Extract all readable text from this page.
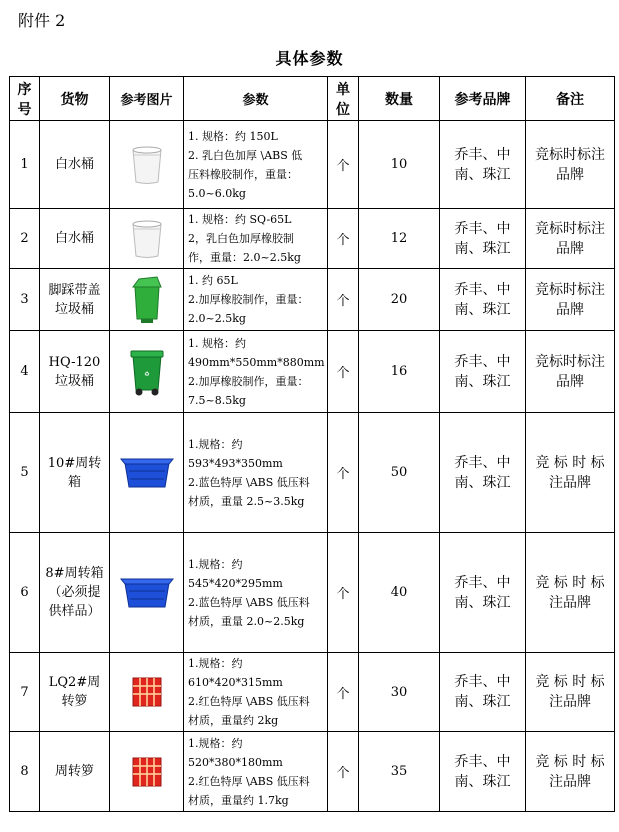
附件 2
具体参数
序号	货物	参考图片	参数	单位	数量	参考品牌	备注
1	白水桶		1. 规格：约 150L
2. 乳白色加厚 \ABS 低
压料橡胶制作，重量：
5.0~6.0kg	个	10	乔丰、中南、珠江	竞标时标注品牌
2	白水桶		1. 规格：约 SQ-65L
2，乳白色加厚橡胶制
作，重量：2.0~2.5kg	个	12	乔丰、中南、珠江	竞标时标注品牌
3	脚踩带盖垃圾桶		1. 约 65L
2.加厚橡胶制作，重量：
2.0~2.5kg	个	20	乔丰、中南、珠江	竞标时标注品牌
4	HQ-120垃圾桶	♻	1. 规格：约
490mm*550mm*880mm
2.加厚橡胶制作，重量：
7.5~8.5kg	个	16	乔丰、中南、珠江	竞标时标注品牌
5	10#周转箱		1.规格：约
593*493*350mm
2.蓝色特厚 \ABS 低压料
材质，重量 2.5~3.5kg	个	50	乔丰、中南、珠江	竞 标 时 标注品牌
6	8#周转箱（必须提供样品）		1.规格：约
545*420*295mm
2.蓝色特厚 \ABS 低压料
材质，重量 2.0~2.5kg	个	40	乔丰、中南、珠江	竞 标 时 标注品牌
7	LQ2#周转箩		1.规格：约
610*420*315mm
2.红色特厚 \ABS 低压料
材质，重量约 2kg	个	30	乔丰、中南、珠江	竞 标 时 标注品牌
8	周转箩		1.规格：约
520*380*180mm
2.红色特厚 \ABS 低压料
材质，重量约 1.7kg	个	35	乔丰、中南、珠江	竞 标 时 标注品牌
